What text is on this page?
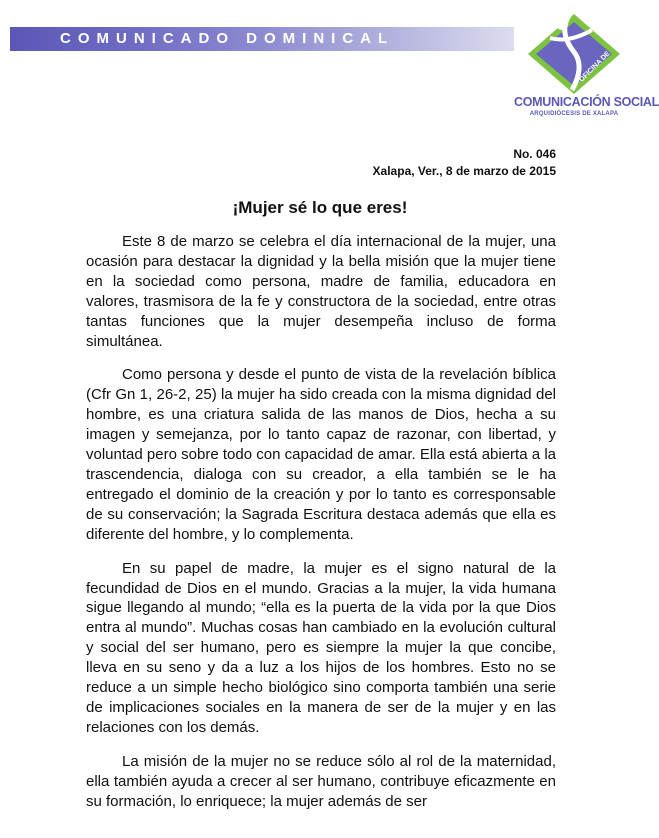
COMUNICADO DOMINICAL
OFICINA DE
COMUNICACIÓN SOCIAL
ARQUIDIÓCESIS DE XALAPA
No. 046
Xalapa, Ver., 8 de marzo de 2015
¡Mujer sé lo que eres!

Este 8 de marzo se celebra el día internacional de la mujer, una ocasión para destacar la dignidad y la bella misión que la mujer tiene en la sociedad como persona, madre de familia, educadora en valores, trasmisora de la fe y constructora de la sociedad, entre otras tantas funciones que la mujer desempeña incluso de forma simultánea.

Como persona y desde el punto de vista de la revelación bíblica (Cfr Gn 1, 26-2, 25) la mujer ha sido creada con la misma dignidad del hombre, es una criatura salida de las manos de Dios, hecha a su imagen y semejanza, por lo tanto capaz de razonar, con libertad, y voluntad pero sobre todo con capacidad de amar. Ella está abierta a la trascendencia, dialoga con su creador, a ella también se le ha entregado el dominio de la creación y por lo tanto es corresponsable de su conservación; la Sagrada Escritura destaca además que ella es diferente del hombre, y lo complementa.

En su papel de madre, la mujer es el signo natural de la fecundidad de Dios en el mundo. Gracias a la mujer, la vida humana sigue llegando al mundo; “ella es la puerta de la vida por la que Dios entra al mundo”. Muchas cosas han cambiado en la evolución cultural y social del ser humano, pero es siempre la mujer la que concibe, lleva en su seno y da a luz a los hijos de los hombres. Esto no se reduce a un simple hecho biológico sino comporta también una serie de implicaciones sociales en la manera de ser de la mujer y en las relaciones con los demás.

La misión de la mujer no se reduce sólo al rol de la maternidad, ella también ayuda a crecer al ser humano, contribuye eficazmente en su formación, lo enriquece; la mujer además de ser
